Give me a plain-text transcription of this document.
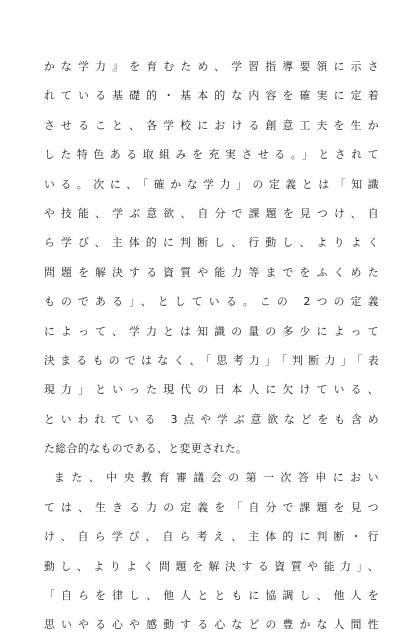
かな学力』を育むため、学習指導要領に示さ
れている基礎的・基本的な内容を確実に定着
させること、各学校における創意工夫を生か
した特色ある取組みを充実させる。」とされて
いる。次に、「確かな学力」の定義とは「知識
や技能、学ぶ意欲、自分で課題を見つけ、自
ら学び、主体的に判断し、行動し、よりよく
問題を解決する資質や能力等までをふくめた
ものである」、としている。この 2つの定義
によって、学力とは知識の量の多少によって
決まるものではなく、「思考力」「判断力」「表
現力」といった現代の日本人に欠けている、
といわれている 3点や学ぶ意欲などをも含め
た総合的なものである、と変更された。
また、中央教育審議会の第一次答申におい
ては、生きる力の定義を「自分で課題を見つ
け、自ら学び、自ら考え、主体的に判断・行
動し、よりよく問題を解決する資質や能力」、
「自らを律し、他人とともに協調し、他人を
思いやる心や感動する心などの豊かな人間性
